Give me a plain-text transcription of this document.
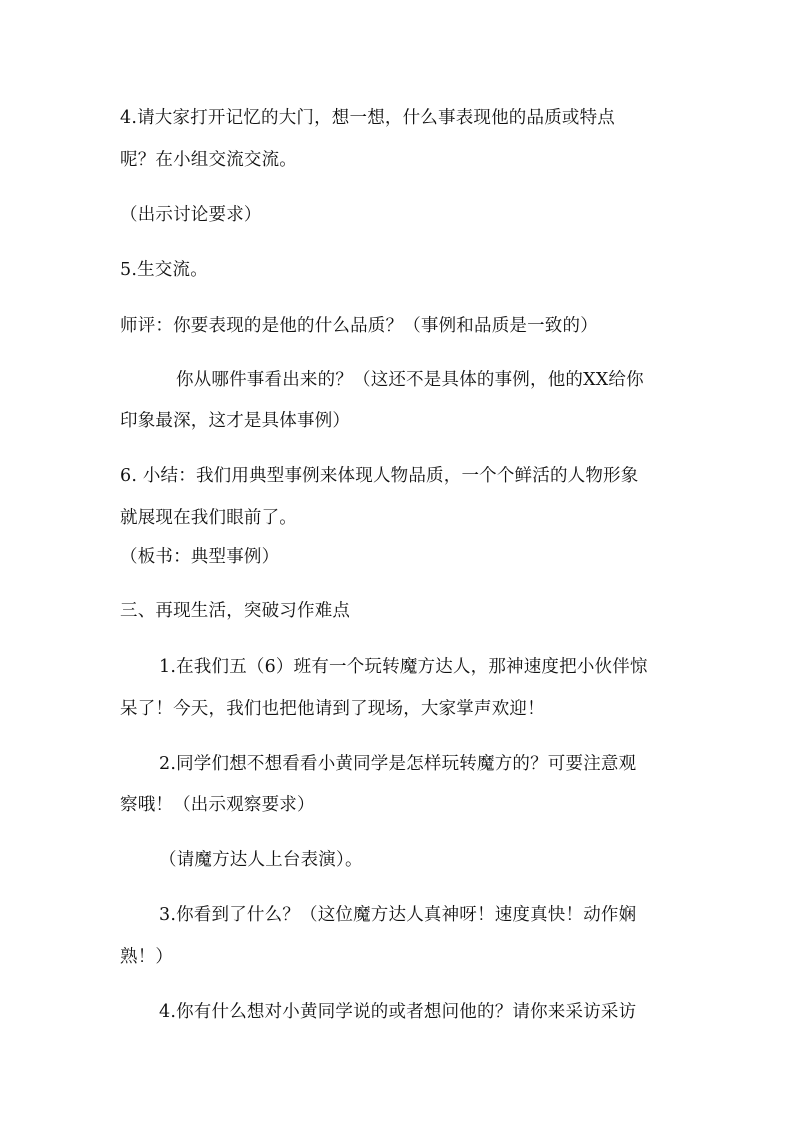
4.请大家打开记忆的大门，想一想，什么事表现他的品质或特点
呢？在小组交流交流。
（出示讨论要求）
5.生交流。
师评：你要表现的是他的什么品质？（事例和品质是一致的）
你从哪件事看出来的？（这还不是具体的事例，他的XX给你
印象最深，这才是具体事例）
6. 小结：我们用典型事例来体现人物品质，一个个鲜活的人物形象
就展现在我们眼前了。
（板书：典型事例）
三、再现生活，突破习作难点
1.在我们五（6）班有一个玩转魔方达人，那神速度把小伙伴惊
呆了！今天，我们也把他请到了现场，大家掌声欢迎！
2.同学们想不想看看小黄同学是怎样玩转魔方的？可要注意观
察哦！（出示观察要求）
（请魔方达人上台表演）。
3.你看到了什么？（这位魔方达人真神呀！速度真快！动作娴
熟！）
4.你有什么想对小黄同学说的或者想问他的？请你来采访采访
